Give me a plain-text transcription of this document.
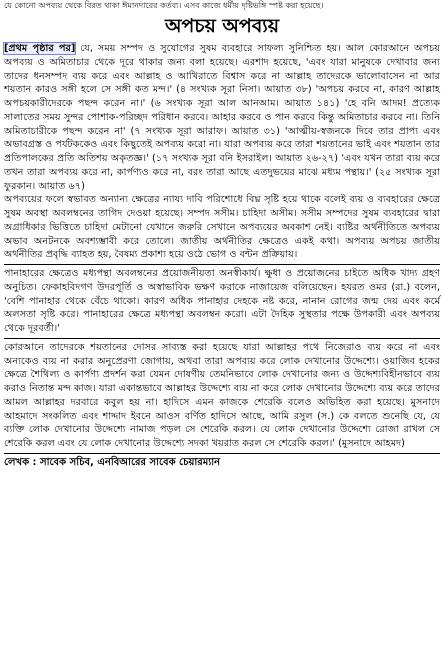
যে কোনো অপব্যয় থেকে বিরত থাকা ঈমানদারের কর্তব্য। এসব কাজে ধর্মীয় দৃষ্টিভঙ্গি স্পষ্ট করা হয়েছে।
অপচয় অপব্যয়

[প্রথম পৃষ্ঠার পর] যে, সময় সম্পদ ও সুযোগের সুষম ব্যবহারে সাফল্য সুনিশ্চিত হয়। আল কোরআনে অপচয় অপব্যয় ও অমিতাচার থেকে দূরে থাকার জন্য বলা হয়েছে। এরশাদ হয়েছে, 'এবং যারা মানুষকে দেখাবার জন্য তাদের ধনসম্পদ ব্যয় করে এবং আল্লাহ ও আখিরাতে বিশ্বাস করে না আল্লাহ তাদেরকে ভালোবাসেন না আর শয়তান কারও সঙ্গী হলে সে সঙ্গী কত মন্দ।' (৪ সংখ্যক সূরা নিসা। আয়াত ৩৮) 'অপচয় করবে না, কারণ আল্লাহ অপচয়কারীদেরকে পছন্দ করেন না।' (৬ সংখ্যক সূরা আল আনআম। আয়াত ১৪১) 'হে বনি আদম! প্রত্যেক সালাতের সময় সুন্দর পোশাক-পরিচ্ছদ পরিধান করবে। আহার করবে ও পান করবে কিন্তু অমিতাচার করবে না। তিনি অমিতাচারীকে পছন্দ করেন না' (৭ সংখ্যক সূরা আরাফ। আয়াত ৩১) 'আত্মীয়-স্বজনকে দিবে তার প্রাপ্য এবং অভাবগ্রস্ত ও পর্যটককেও এবং কিছুতেই অপব্যয় করো না। যারা অপব্যয় করে তারা শয়তানের ভাই এবং শয়তান তার প্রতিপালকের প্রতি অতিশয় অকৃতজ্ঞ।' (১৭ সংখ্যক সূরা বনি ইসরাইল। আয়াত ২৬-২৭) 'এবং যখন তারা ব্যয় করে তখন তারা অপব্যয় করে না, কার্পণ্যও করে না, বরং তারা আছে এতদুভয়ের মাঝে মধ্যম পন্থায়।' (২৫ সংখ্যক সূরা ফুরকান। আয়াত ৬৭)

অপব্যয়ের ফলে স্বভাবত অন্যান্য ক্ষেত্রের ন্যায্য দাবি পরিশোধে বিঘ্ন সৃষ্টি হয়ে থাকে বলেই ব্যয় ও ব্যবহারের ক্ষেত্রে সুষম অবস্থা অবলম্বনের তাগিদ দেওয়া হয়েছে। সম্পদ সসীম। চাহিদা অসীম। সসীম সম্পদের সুষম ব্যবহারের দ্বারা অগ্রাধিকার ভিত্তিতে চাহিদা মেটানো যেখানে জরুরি সেখানে অপব্যয়ের অবকাশ নেই। ব্যষ্টির অর্থনীতিতে অপব্যয় অভাব অনটনকে অবশ্যম্ভাবী করে তোলে। জাতীয় অর্থনীতির ক্ষেত্রেও একই কথা। অপব্যয় অপচয় জাতীয় অর্থনীতির প্রবৃদ্ধি ব্যাহত হয়, বৈষম্য প্রকাশ্য হয়ে ওঠে ভোগ ও বন্টন প্রক্রিয়ায়।

পানাহারের ক্ষেত্রেও মধ্যপন্থা অবলম্বনের প্রয়োজনীয়তা অনস্বীকার্য। ক্ষুধা ও প্রয়োজনের চাইতে অধিক খাদ্য গ্রহণ অনুচিত। ফেকাহবিদগণ উদরপূর্তি ও অস্বাভাবিক ভক্ষণ করাকে নাজায়েজ বলিয়েছেন। হযরত ওমর (রা.) বলেন, 'বেশি পানাহার থেকে বেঁচে থাকো। কারণ অধিক পানাহার দেহকে নষ্ট করে, নানান রোগের জন্ম দেয় এবং কর্মে অলসতা সৃষ্টি করে। পানাহারের ক্ষেত্রে মধ্যপন্থা অবলম্বন করো। এটা দৈহিক সুস্থতার পক্ষে উপকারী এবং অপব্যয় থেকে দূরবর্তী।'

কোরআনে তাদেরকে শয়তানের দোসর সাব্যস্ত করা হয়েছে যারা আল্লাহর পথে নিজেরাও ব্যয় করে না এবং অন্যকেও ব্যয় না করার অনুপ্রেরণা জোগায়, অথবা তারা অপব্যয় করে লোক দেখানোর উদ্দেশ্যে। ওয়াজিব হকের ক্ষেত্রে শৈথিল্য ও কার্পণ্য প্রদর্শন করা যেমন দোষণীয় তেমনিভাবে লোক দেখানোর জন্য ও উদ্দেশ্যবিহীনভাবে ব্যয় করাও নিতান্ত মন্দ কাজ। যারা একান্তভাবে আল্লাহর উদ্দেশ্যে ব্যয় না করে লোক দেখানোর উদ্দেশ্যে ব্যয় করে তাদের আমল আল্লাহর দরবারে কবুল হয় না। হাদিসে এমন কাজকে শেরেকি বলেও অভিহিত করা হয়েছে। মুসনাদে আহমাদে সংকলিত এবং শাদ্দাদ ইবনে আওস বর্ণিত হাদিসে আছে, আমি রসুল (স.) কে বলতে শুনেছি যে, যে ব্যক্তি লোক দেখানোর উদ্দেশ্যে নামাজ পড়ল সে শেরেকি করল। যে লোক দেখানোর উদ্দেশ্যে রোজা রাখল সে শেরেকি করল এবং যে লোক দেখানোর উদ্দেশ্যে সদকা খয়রাত করল সে শেরেকি করল।' (মুসনাদে আহমদ)

লেখক : সাবেক সচিব, এনবিআরের সাবেক চেয়ারম্যান
